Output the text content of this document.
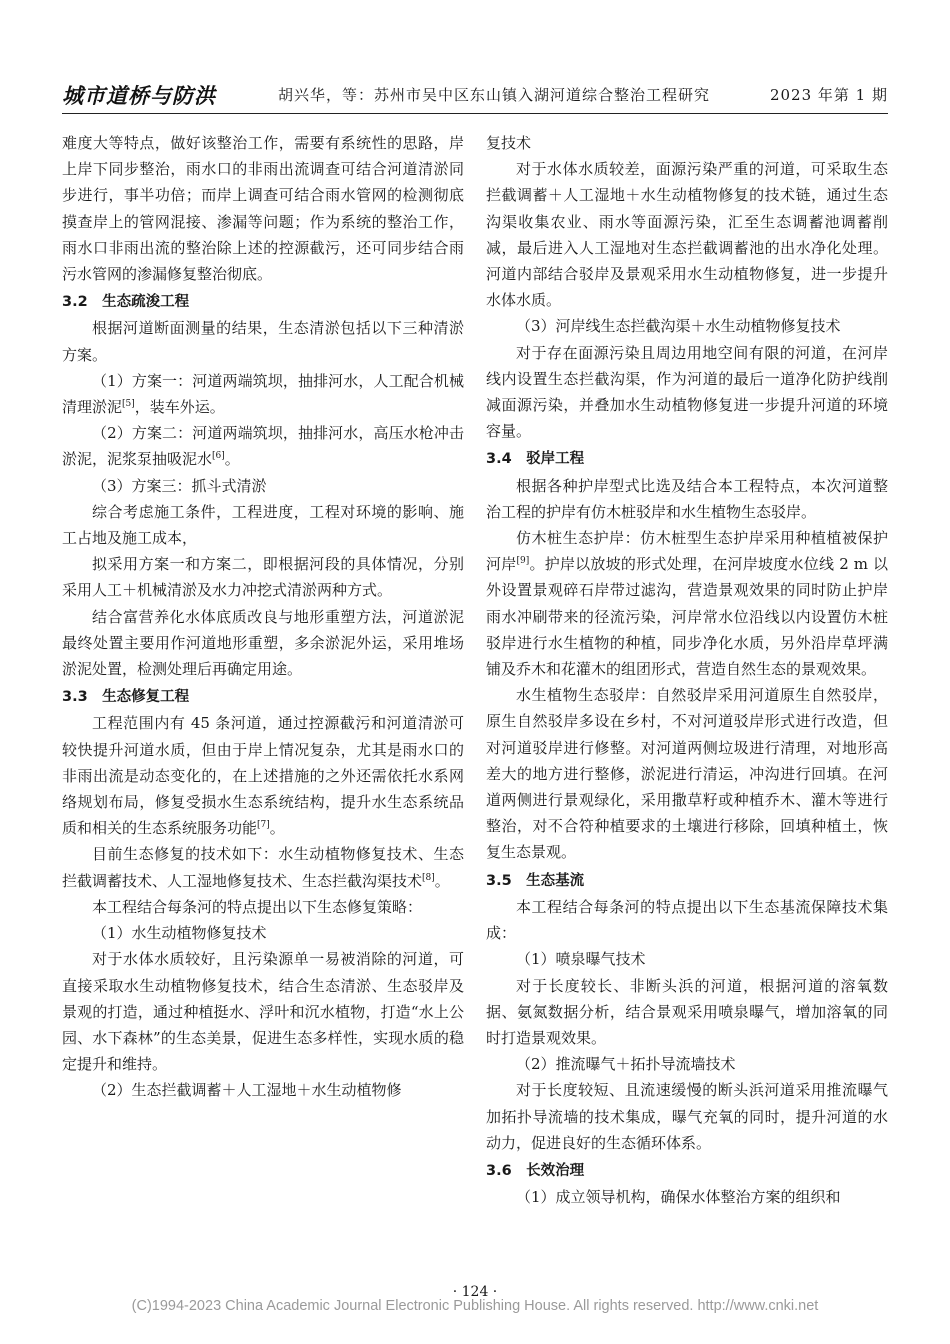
城市道桥与防洪	胡兴华，等：苏州市吴中区东山镇入湖河道综合整治工程研究	2023 年第 1 期

难度大等特点，做好该整治工作，需要有系统性的思路，岸上岸下同步整治，雨水口的非雨出流调查可结合河道清淤同步进行，事半功倍；而岸上调查可结合雨水管网的检测彻底摸查岸上的管网混接、渗漏等问题；作为系统的整治工作，雨水口非雨出流的整治除上述的控源截污，还可同步结合雨污水管网的渗漏修复整治彻底。

3.2　生态疏浚工程

根据河道断面测量的结果，生态清淤包括以下三种清淤方案。

（1）方案一：河道两端筑坝，抽排河水，人工配合机械清理淤泥[5]，装车外运。

（2）方案二：河道两端筑坝，抽排河水，高压水枪冲击淤泥，泥浆泵抽吸泥水[6]。

（3）方案三：抓斗式清淤

综合考虑施工条件，工程进度，工程对环境的影响、施工占地及施工成本，

拟采用方案一和方案二，即根据河段的具体情况，分别采用人工＋机械清淤及水力冲挖式清淤两种方式。

结合富营养化水体底质改良与地形重塑方法，河道淤泥最终处置主要用作河道地形重塑，多余淤泥外运，采用堆场淤泥处置，检测处理后再确定用途。

3.3　生态修复工程

工程范围内有 45 条河道，通过控源截污和河道清淤可较快提升河道水质，但由于岸上情况复杂，尤其是雨水口的非雨出流是动态变化的，在上述措施的之外还需依托水系网络规划布局，修复受损水生态系统结构，提升水生态系统品质和相关的生态系统服务功能[7]。

目前生态修复的技术如下：水生动植物修复技术、生态拦截调蓄技术、人工湿地修复技术、生态拦截沟渠技术[8]。

本工程结合每条河的特点提出以下生态修复策略：

（1）水生动植物修复技术

对于水体水质较好，且污染源单一易被消除的河道，可直接采取水生动植物修复技术，结合生态清淤、生态驳岸及景观的打造，通过种植挺水、浮叶和沉水植物，打造“水上公园、水下森林”的生态美景，促进生态多样性，实现水质的稳定提升和维持。

（2）生态拦截调蓄＋人工湿地＋水生动植物修

复技术

对于水体水质较差，面源污染严重的河道，可采取生态拦截调蓄＋人工湿地＋水生动植物修复的技术链，通过生态沟渠收集农业、雨水等面源污染，汇至生态调蓄池调蓄削减，最后进入人工湿地对生态拦截调蓄池的出水净化处理。河道内部结合驳岸及景观采用水生动植物修复，进一步提升水体水质。

（3）河岸线生态拦截沟渠＋水生动植物修复技术

对于存在面源污染且周边用地空间有限的河道，在河岸线内设置生态拦截沟渠，作为河道的最后一道净化防护线削减面源污染，并叠加水生动植物修复进一步提升河道的环境容量。

3.4　驳岸工程

根据各种护岸型式比选及结合本工程特点，本次河道整治工程的护岸有仿木桩驳岸和水生植物生态驳岸。

仿木桩生态护岸：仿木桩型生态护岸采用种植植被保护河岸[9]。护岸以放坡的形式处理，在河岸坡度水位线 2 m 以外设置景观碎石岸带过滤沟，营造景观效果的同时防止护岸雨水冲刷带来的径流污染，河岸常水位沿线以内设置仿木桩驳岸进行水生植物的种植，同步净化水质，另外沿岸草坪满铺及乔木和花灌木的组团形式，营造自然生态的景观效果。

水生植物生态驳岸：自然驳岸采用河道原生自然驳岸，原生自然驳岸多设在乡村，不对河道驳岸形式进行改造，但对河道驳岸进行修整。对河道两侧垃圾进行清理，对地形高差大的地方进行整修，淤泥进行清运，冲沟进行回填。在河道两侧进行景观绿化，采用撒草籽或种植乔木、灌木等进行整治，对不合符种植要求的土壤进行移除，回填种植土，恢复生态景观。

3.5　生态基流

本工程结合每条河的特点提出以下生态基流保障技术集成：

（1）喷泉曝气技术

对于长度较长、非断头浜的河道，根据河道的溶氧数据、氨氮数据分析，结合景观采用喷泉曝气，增加溶氧的同时打造景观效果。

（2）推流曝气＋拓扑导流墙技术

对于长度较短、且流速缓慢的断头浜河道采用推流曝气加拓扑导流墙的技术集成，曝气充氧的同时，提升河道的水动力，促进良好的生态循环体系。

3.6　长效治理

（1）成立领导机构，确保水体整治方案的组织和

· 124 ·
(C)1994-2023 China Academic Journal Electronic Publishing House. All rights reserved. http://www.cnki.net
